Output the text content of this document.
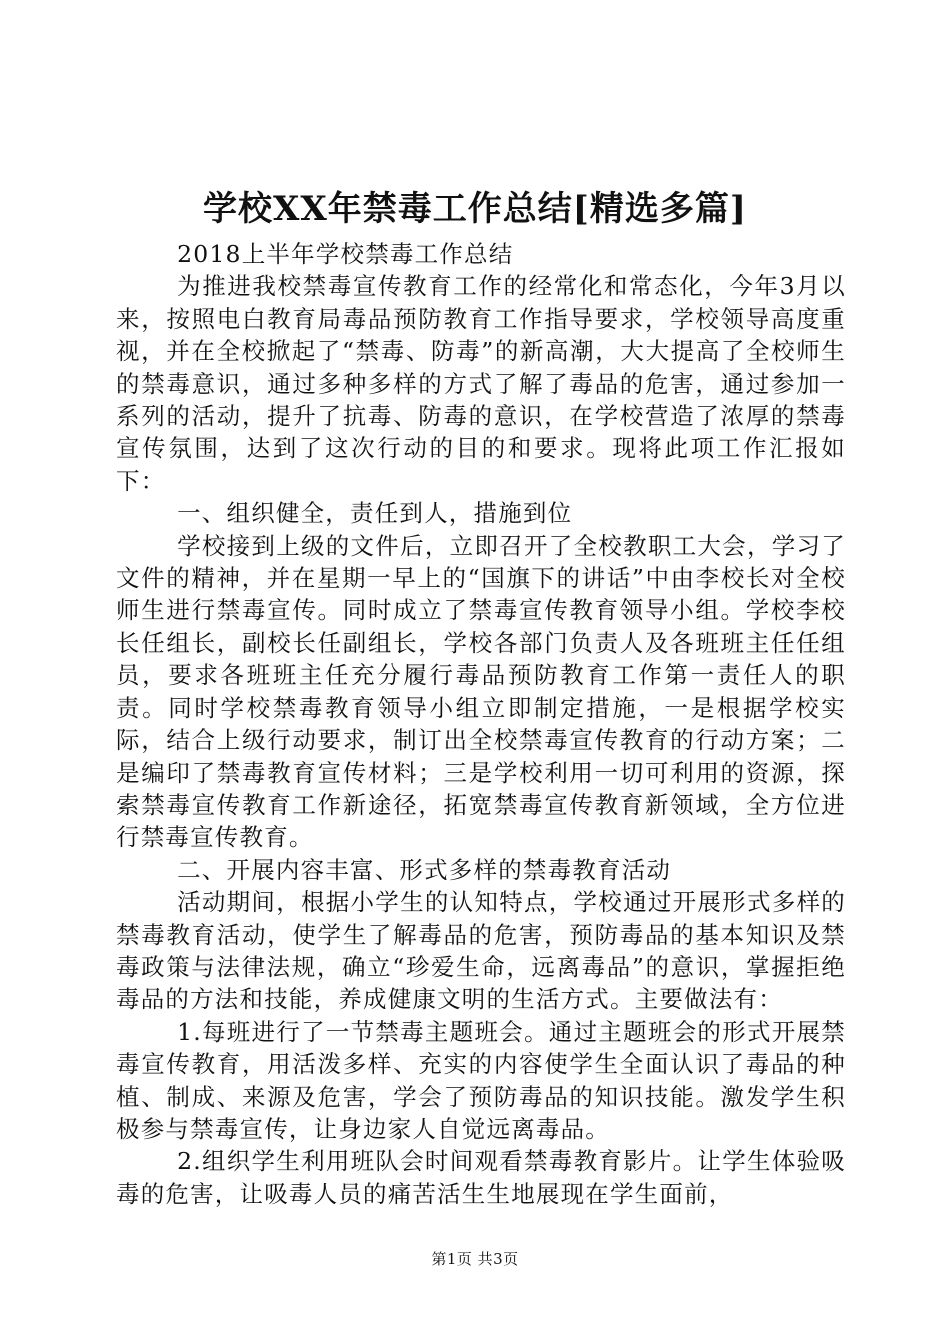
学校XX年禁毒工作总结[精选多篇]

2018上半年学校禁毒工作总结

为推进我校禁毒宣传教育工作的经常化和常态化，今年3月以来，按照电白教育局毒品预防教育工作指导要求，学校领导高度重视，并在全校掀起了“禁毒、防毒”的新高潮，大大提高了全校师生的禁毒意识，通过多种多样的方式了解了毒品的危害，通过参加一系列的活动，提升了抗毒、防毒的意识，在学校营造了浓厚的禁毒宣传氛围，达到了这次行动的目的和要求。现将此项工作汇报如下：

一、组织健全，责任到人，措施到位

学校接到上级的文件后，立即召开了全校教职工大会，学习了文件的精神，并在星期一早上的“国旗下的讲话”中由李校长对全校师生进行禁毒宣传。同时成立了禁毒宣传教育领导小组。学校李校长任组长，副校长任副组长，学校各部门负责人及各班班主任任组员，要求各班班主任充分履行毒品预防教育工作第一责任人的职责。同时学校禁毒教育领导小组立即制定措施，一是根据学校实际，结合上级行动要求，制订出全校禁毒宣传教育的行动方案；二是编印了禁毒教育宣传材料；三是学校利用一切可利用的资源，探索禁毒宣传教育工作新途径，拓宽禁毒宣传教育新领域，全方位进行禁毒宣传教育。

二、开展内容丰富、形式多样的禁毒教育活动

活动期间，根据小学生的认知特点，学校通过开展形式多样的禁毒教育活动，使学生了解毒品的危害，预防毒品的基本知识及禁毒政策与法律法规，确立“珍爱生命，远离毒品”的意识，掌握拒绝毒品的方法和技能，养成健康文明的生活方式。主要做法有：

1.每班进行了一节禁毒主题班会。通过主题班会的形式开展禁毒宣传教育，用活泼多样、充实的内容使学生全面认识了毒品的种植、制成、来源及危害，学会了预防毒品的知识技能。激发学生积极参与禁毒宣传，让身边家人自觉远离毒品。

2.组织学生利用班队会时间观看禁毒教育影片。让学生体验吸毒的危害，让吸毒人员的痛苦活生生地展现在学生面前，

第1页 共3页
